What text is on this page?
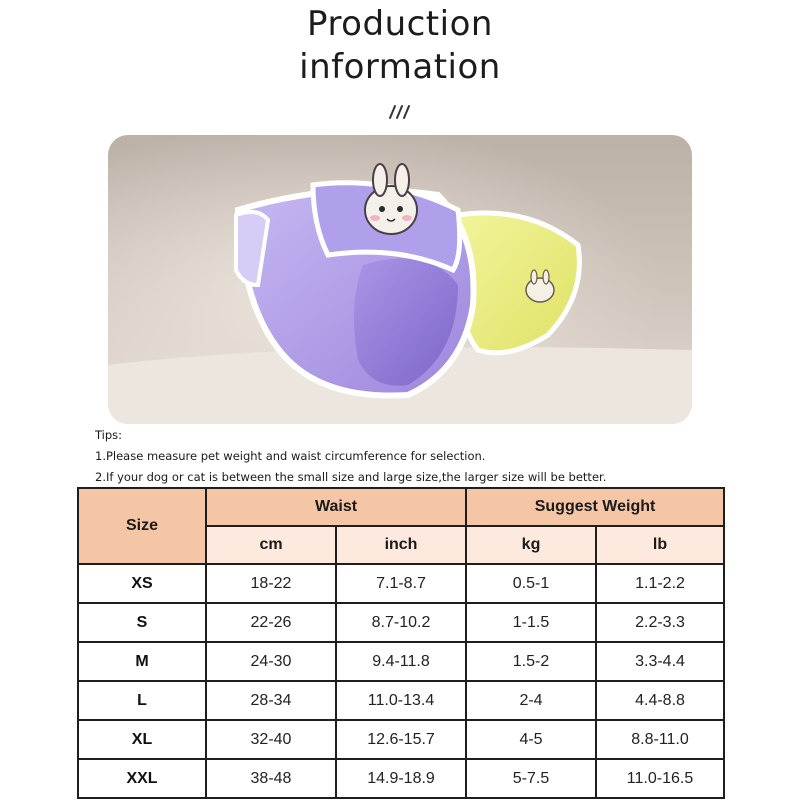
Production
information
Tips:
1.Please measure pet weight and waist circumference for selection.
2.If your dog or cat is between the small size and large size,the larger size will be better.
Size	Waist		Suggest Weight	
	cm	inch	kg	lb
XS	18-22	7.1-8.7	0.5-1	1.1-2.2
S	22-26	8.7-10.2	1-1.5	2.2-3.3
M	24-30	9.4-11.8	1.5-2	3.3-4.4
L	28-34	11.0-13.4	2-4	4.4-8.8
XL	32-40	12.6-15.7	4-5	8.8-11.0
XXL	38-48	14.9-18.9	5-7.5	11.0-16.5
